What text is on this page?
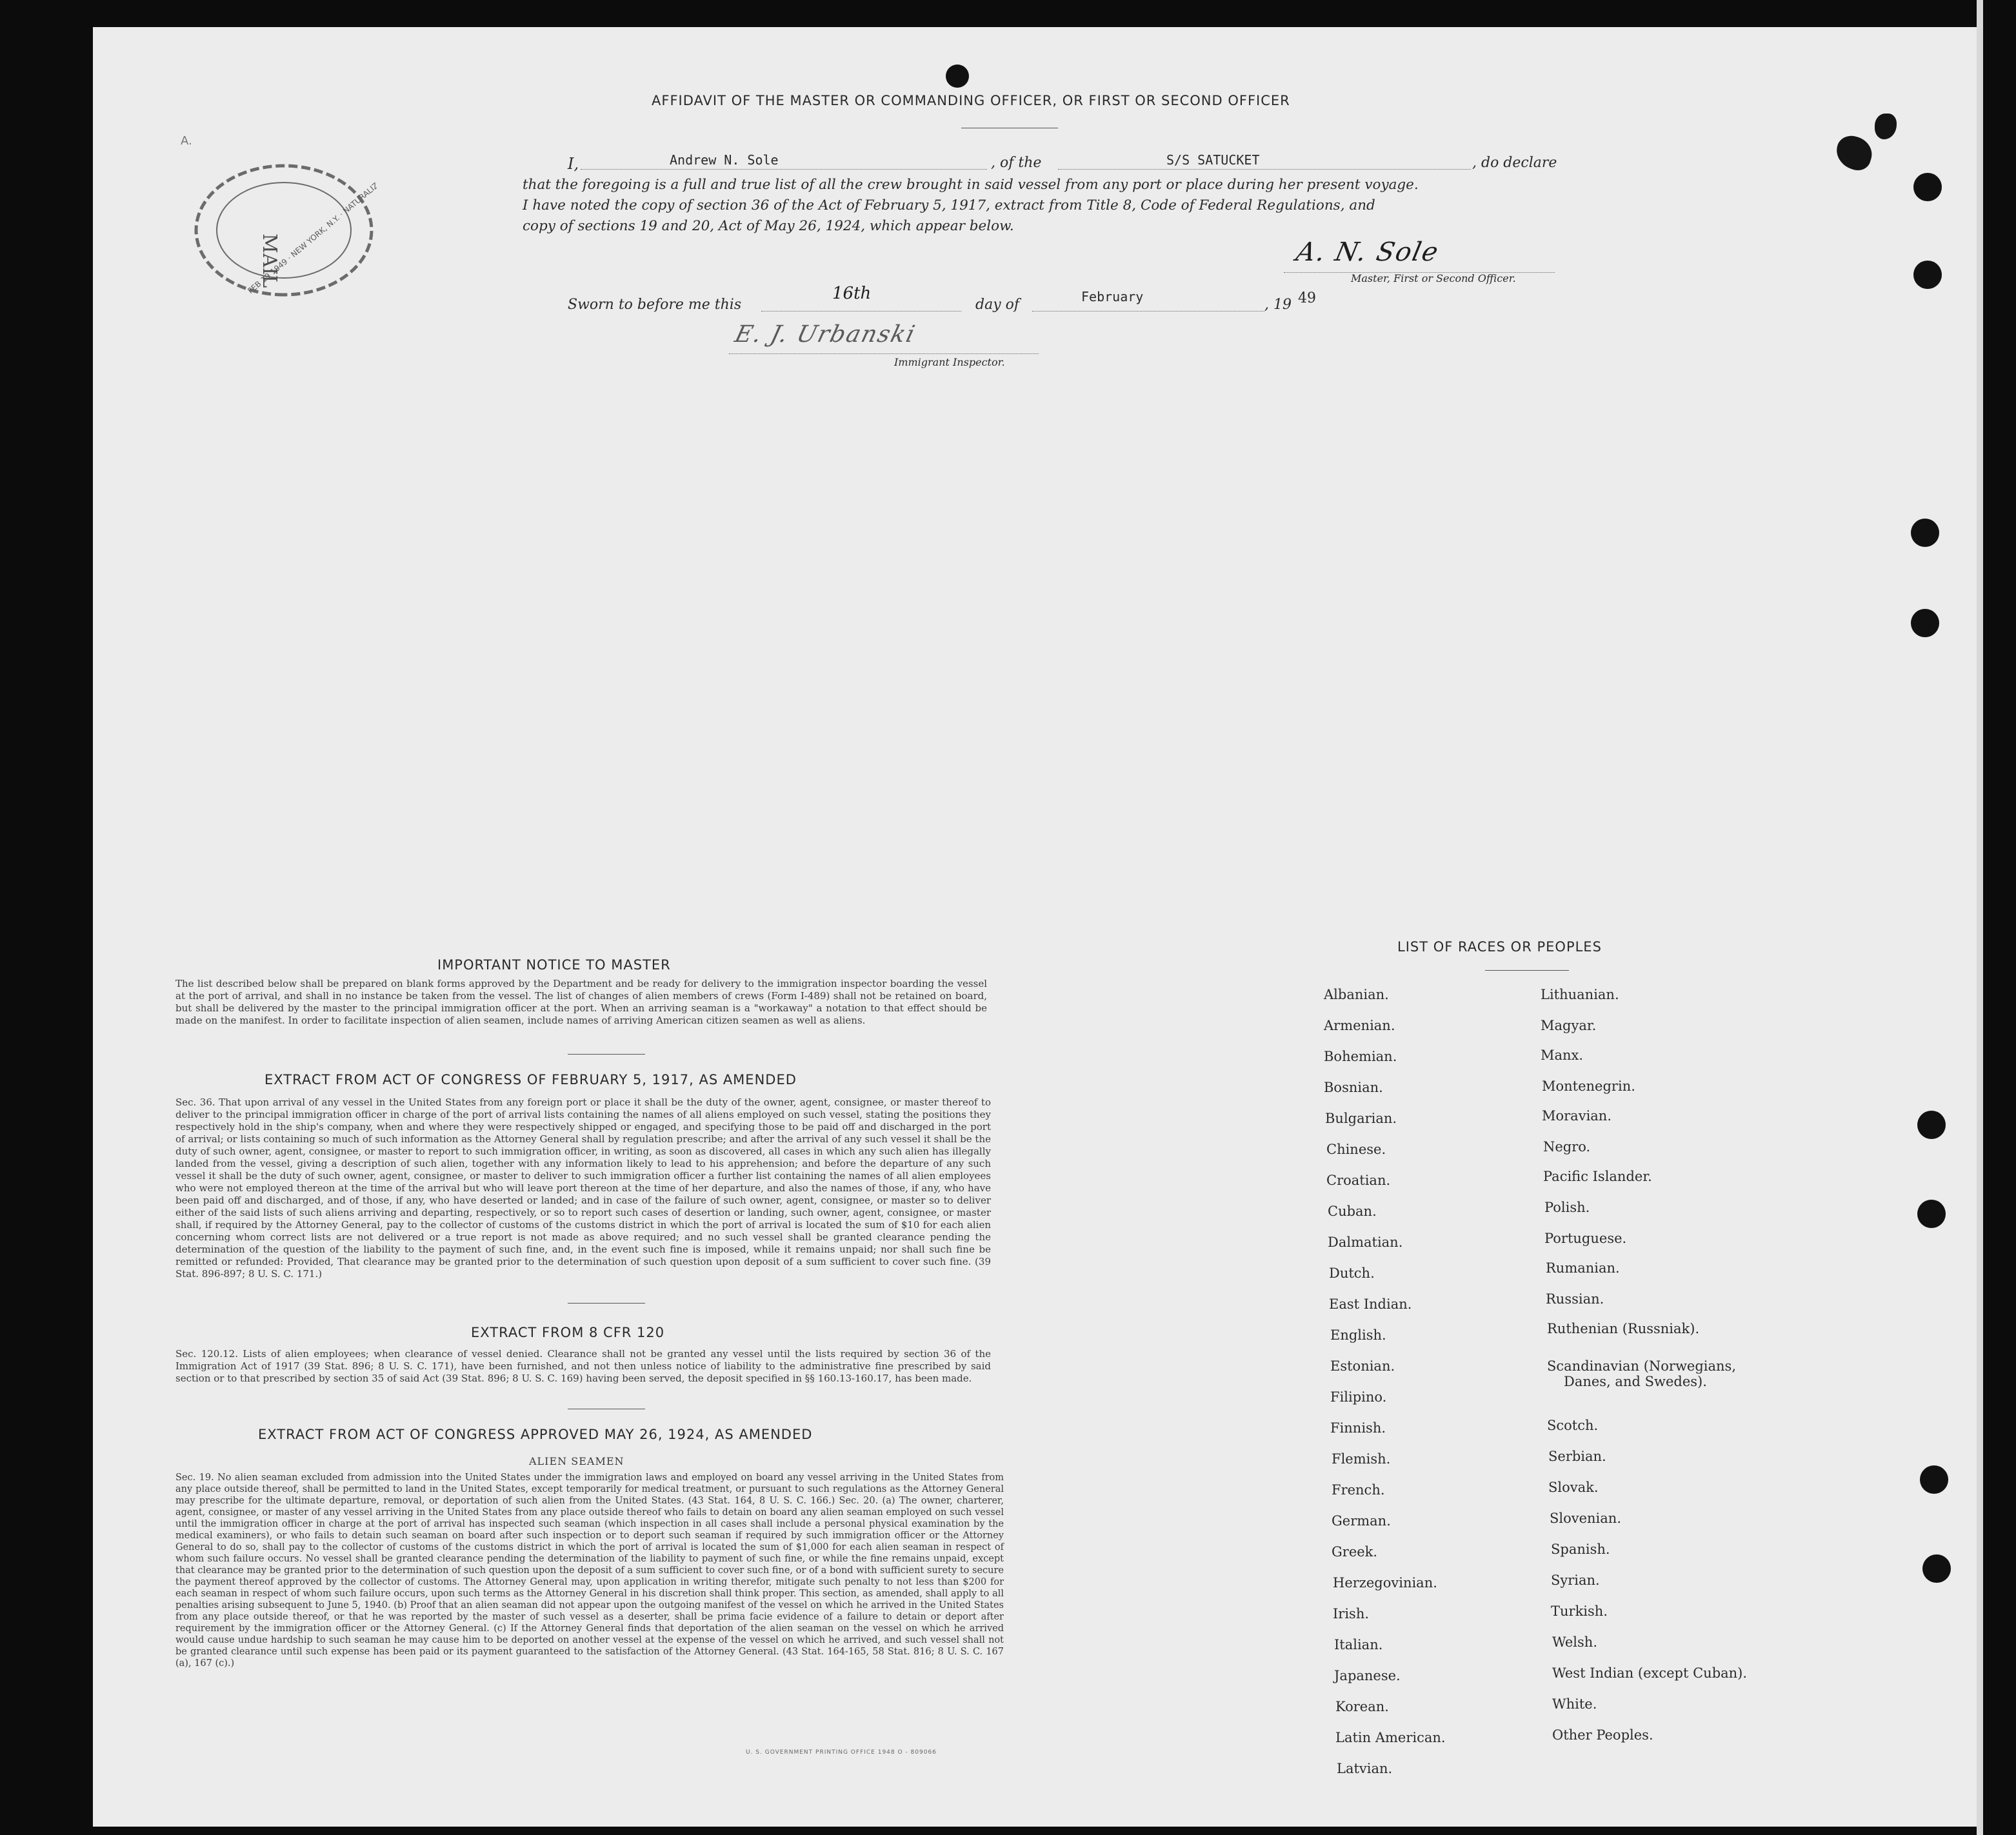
MAIL
FEB 19 1949 · NEW YORK, N.Y. · NATURALIZATION
A.
AFFIDAVIT OF THE MASTER OR COMMANDING OFFICER, OR FIRST OR SECOND OFFICER
I,	Andrew N. Sole	, of the	S/S SATUCKET	, do declare
that the foregoing is a full and true list of all the crew brought in said vessel from any port or place during her present voyage.
I have noted the copy of section 36 of the Act of February 5, 1917, extract from Title 8, Code of Federal Regulations, and
copy of sections 19 and 20, Act of May 26, 1924, which appear below.
A. N. Sole
Master, First or Second Officer.
Sworn to before me this
16th
day of	February	, 19 49
E. J. Urbanski
Immigrant Inspector.
IMPORTANT NOTICE TO MASTER
The list described below shall be prepared on blank forms approved by the Department and be ready for delivery to the immigration inspector boarding the vessel at the port of arrival, and shall in no instance be taken from the vessel. The list of changes of alien members of crews (Form I-489) shall not be retained on board, but shall be delivered by the master to the principal immigration officer at the port. When an arriving seaman is a "workaway" a notation to that effect should be made on the manifest. In order to facilitate inspection of alien seamen, include names of arriving American citizen seamen as well as aliens.
EXTRACT FROM ACT OF CONGRESS OF FEBRUARY 5, 1917, AS AMENDED
Sec. 36. That upon arrival of any vessel in the United States from any foreign port or place it shall be the duty of the owner, agent, consignee, or master thereof to deliver to the principal immigration officer in charge of the port of arrival lists containing the names of all aliens employed on such vessel, stating the positions they respectively hold in the ship's company, when and where they were respectively shipped or engaged, and specifying those to be paid off and discharged in the port of arrival; or lists containing so much of such information as the Attorney General shall by regulation prescribe; and after the arrival of any such vessel it shall be the duty of such owner, agent, consignee, or master to report to such immigration officer, in writing, as soon as discovered, all cases in which any such alien has illegally landed from the vessel, giving a description of such alien, together with any information likely to lead to his apprehension; and before the departure of any such vessel it shall be the duty of such owner, agent, consignee, or master to deliver to such immigration officer a further list containing the names of all alien employees who were not employed thereon at the time of the arrival but who will leave port thereon at the time of her departure, and also the names of those, if any, who have been paid off and discharged, and of those, if any, who have deserted or landed; and in case of the failure of such owner, agent, consignee, or master so to deliver either of the said lists of such aliens arriving and departing, respectively, or so to report such cases of desertion or landing, such owner, agent, consignee, or master shall, if required by the Attorney General, pay to the collector of customs of the customs district in which the port of arrival is located the sum of $10 for each alien concerning whom correct lists are not delivered or a true report is not made as above required; and no such vessel shall be granted clearance pending the determination of the question of the liability to the payment of such fine, and, in the event such fine is imposed, while it remains unpaid; nor shall such fine be remitted or refunded: Provided, That clearance may be granted prior to the determination of such question upon deposit of a sum sufficient to cover such fine. (39 Stat. 896-897; 8 U. S. C. 171.)
EXTRACT FROM 8 CFR 120
Sec. 120.12. Lists of alien employees; when clearance of vessel denied. Clearance shall not be granted any vessel until the lists required by section 36 of the Immigration Act of 1917 (39 Stat. 896; 8 U. S. C. 171), have been furnished, and not then unless notice of liability to the administrative fine prescribed by said section or to that prescribed by section 35 of said Act (39 Stat. 896; 8 U. S. C. 169) having been served, the deposit specified in §§ 160.13-160.17, has been made.
EXTRACT FROM ACT OF CONGRESS APPROVED MAY 26, 1924, AS AMENDED
ALIEN SEAMEN
Sec. 19. No alien seaman excluded from admission into the United States under the immigration laws and employed on board any vessel arriving in the United States from any place outside thereof, shall be permitted to land in the United States, except temporarily for medical treatment, or pursuant to such regulations as the Attorney General may prescribe for the ultimate departure, removal, or deportation of such alien from the United States. (43 Stat. 164, 8 U. S. C. 166.) Sec. 20. (a) The owner, charterer, agent, consignee, or master of any vessel arriving in the United States from any place outside thereof who fails to detain on board any alien seaman employed on such vessel until the immigration officer in charge at the port of arrival has inspected such seaman (which inspection in all cases shall include a personal physical examination by the medical examiners), or who fails to detain such seaman on board after such inspection or to deport such seaman if required by such immigration officer or the Attorney General to do so, shall pay to the collector of customs of the customs district in which the port of arrival is located the sum of $1,000 for each alien seaman in respect of whom such failure occurs. No vessel shall be granted clearance pending the determination of the liability to payment of such fine, or while the fine remains unpaid, except that clearance may be granted prior to the determination of such question upon the deposit of a sum sufficient to cover such fine, or of a bond with sufficient surety to secure the payment thereof approved by the collector of customs. The Attorney General may, upon application in writing therefor, mitigate such penalty to not less than $200 for each seaman in respect of whom such failure occurs, upon such terms as the Attorney General in his discretion shall think proper. This section, as amended, shall apply to all penalties arising subsequent to June 5, 1940. (b) Proof that an alien seaman did not appear upon the outgoing manifest of the vessel on which he arrived in the United States from any place outside thereof, or that he was reported by the master of such vessel as a deserter, shall be prima facie evidence of a failure to detain or deport after requirement by the immigration officer or the Attorney General. (c) If the Attorney General finds that deportation of the alien seaman on the vessel on which he arrived would cause undue hardship to such seaman he may cause him to be deported on another vessel at the expense of the vessel on which he arrived, and such vessel shall not be granted clearance until such expense has been paid or its payment guaranteed to the satisfaction of the Attorney General. (43 Stat. 164-165, 58 Stat. 816; 8 U. S. C. 167 (a), 167 (c).)
U. S. GOVERNMENT PRINTING OFFICE 1948 O - 809066
LIST OF RACES OR PEOPLES
Albanian.
Armenian.
Bohemian.
Bosnian.
Bulgarian.
Chinese.
Croatian.
Cuban.
Dalmatian.
Dutch.
East Indian.
English.
Estonian.
Filipino.
Finnish.
Flemish.
French.
German.
Greek.
Herzegovinian.
Irish.
Italian.
Japanese.
Korean.
Latin American.
Latvian.
Lithuanian.
Magyar.
Manx.
Montenegrin.
Moravian.
Negro.
Pacific Islander.
Polish.
Portuguese.
Rumanian.
Russian.
Ruthenian (Russniak).
Scandinavian (Norwegians,
Danes, and Swedes).
Scotch.
Serbian.
Slovak.
Slovenian.
Spanish.
Syrian.
Turkish.
Welsh.
West Indian (except Cuban).
White.
Other Peoples.
